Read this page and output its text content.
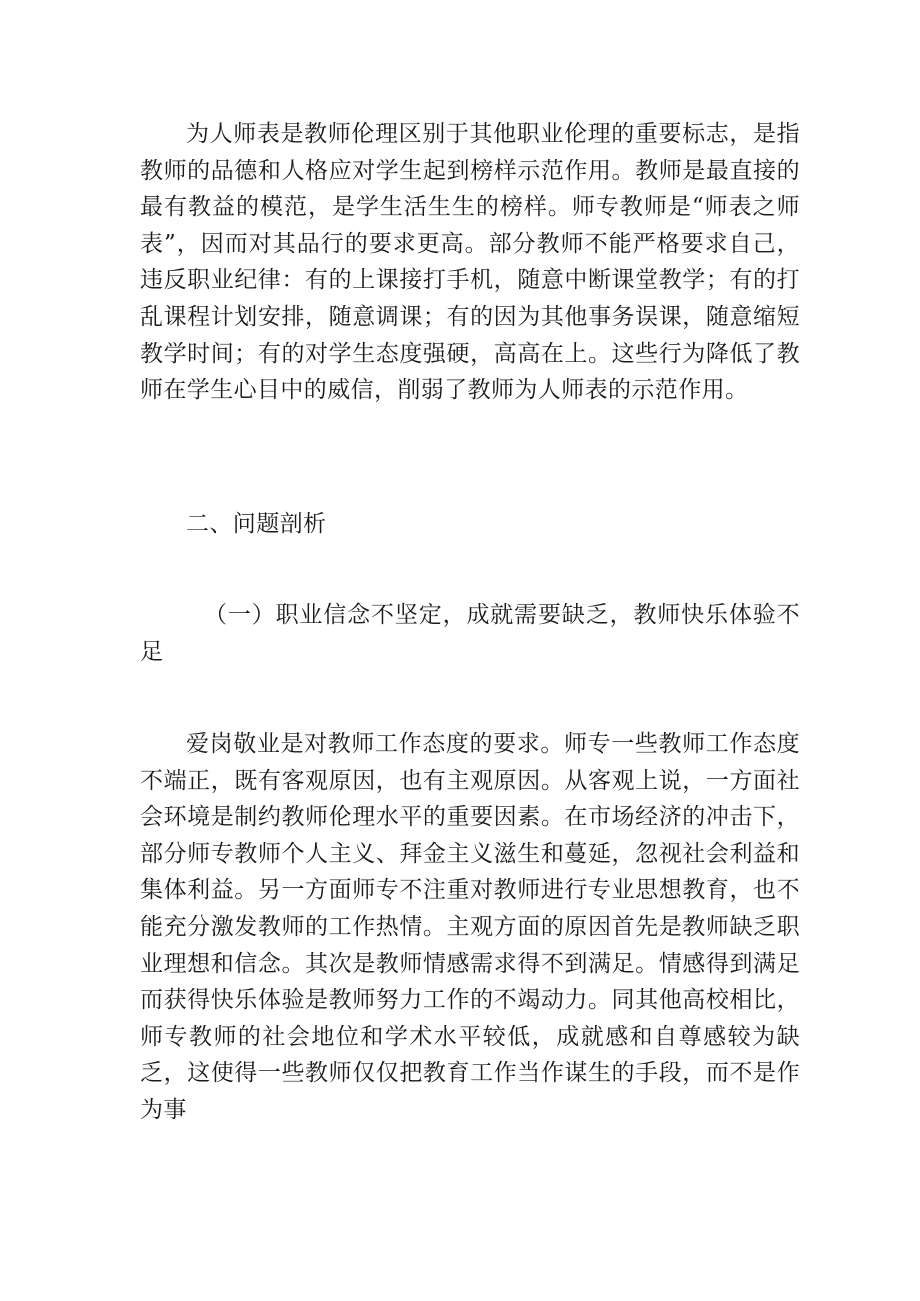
为人师表是教师伦理区别于其他职业伦理的重要标志，是指教师的品德和人格应对学生起到榜样示范作用。教师是最直接的最有教益的模范，是学生活生生的榜样。师专教师是“师表之师表”，因而对其品行的要求更高。部分教师不能严格要求自己，违反职业纪律：有的上课接打手机，随意中断课堂教学；有的打乱课程计划安排，随意调课；有的因为其他事务误课，随意缩短教学时间；有的对学生态度强硬，高高在上。这些行为降低了教师在学生心目中的威信，削弱了教师为人师表的示范作用。

二、问题剖析

（一）职业信念不坚定，成就需要缺乏，教师快乐体验不足

爱岗敬业是对教师工作态度的要求。师专一些教师工作态度不端正，既有客观原因，也有主观原因。从客观上说，一方面社会环境是制约教师伦理水平的重要因素。在市场经济的冲击下，部分师专教师个人主义、拜金主义滋生和蔓延，忽视社会利益和集体利益。另一方面师专不注重对教师进行专业思想教育，也不能充分激发教师的工作热情。主观方面的原因首先是教师缺乏职业理想和信念。其次是教师情感需求得不到满足。情感得到满足而获得快乐体验是教师努力工作的不竭动力。同其他高校相比，师专教师的社会地位和学术水平较低，成就感和自尊感较为缺乏，这使得一些教师仅仅把教育工作当作谋生的手段，而不是作为事
